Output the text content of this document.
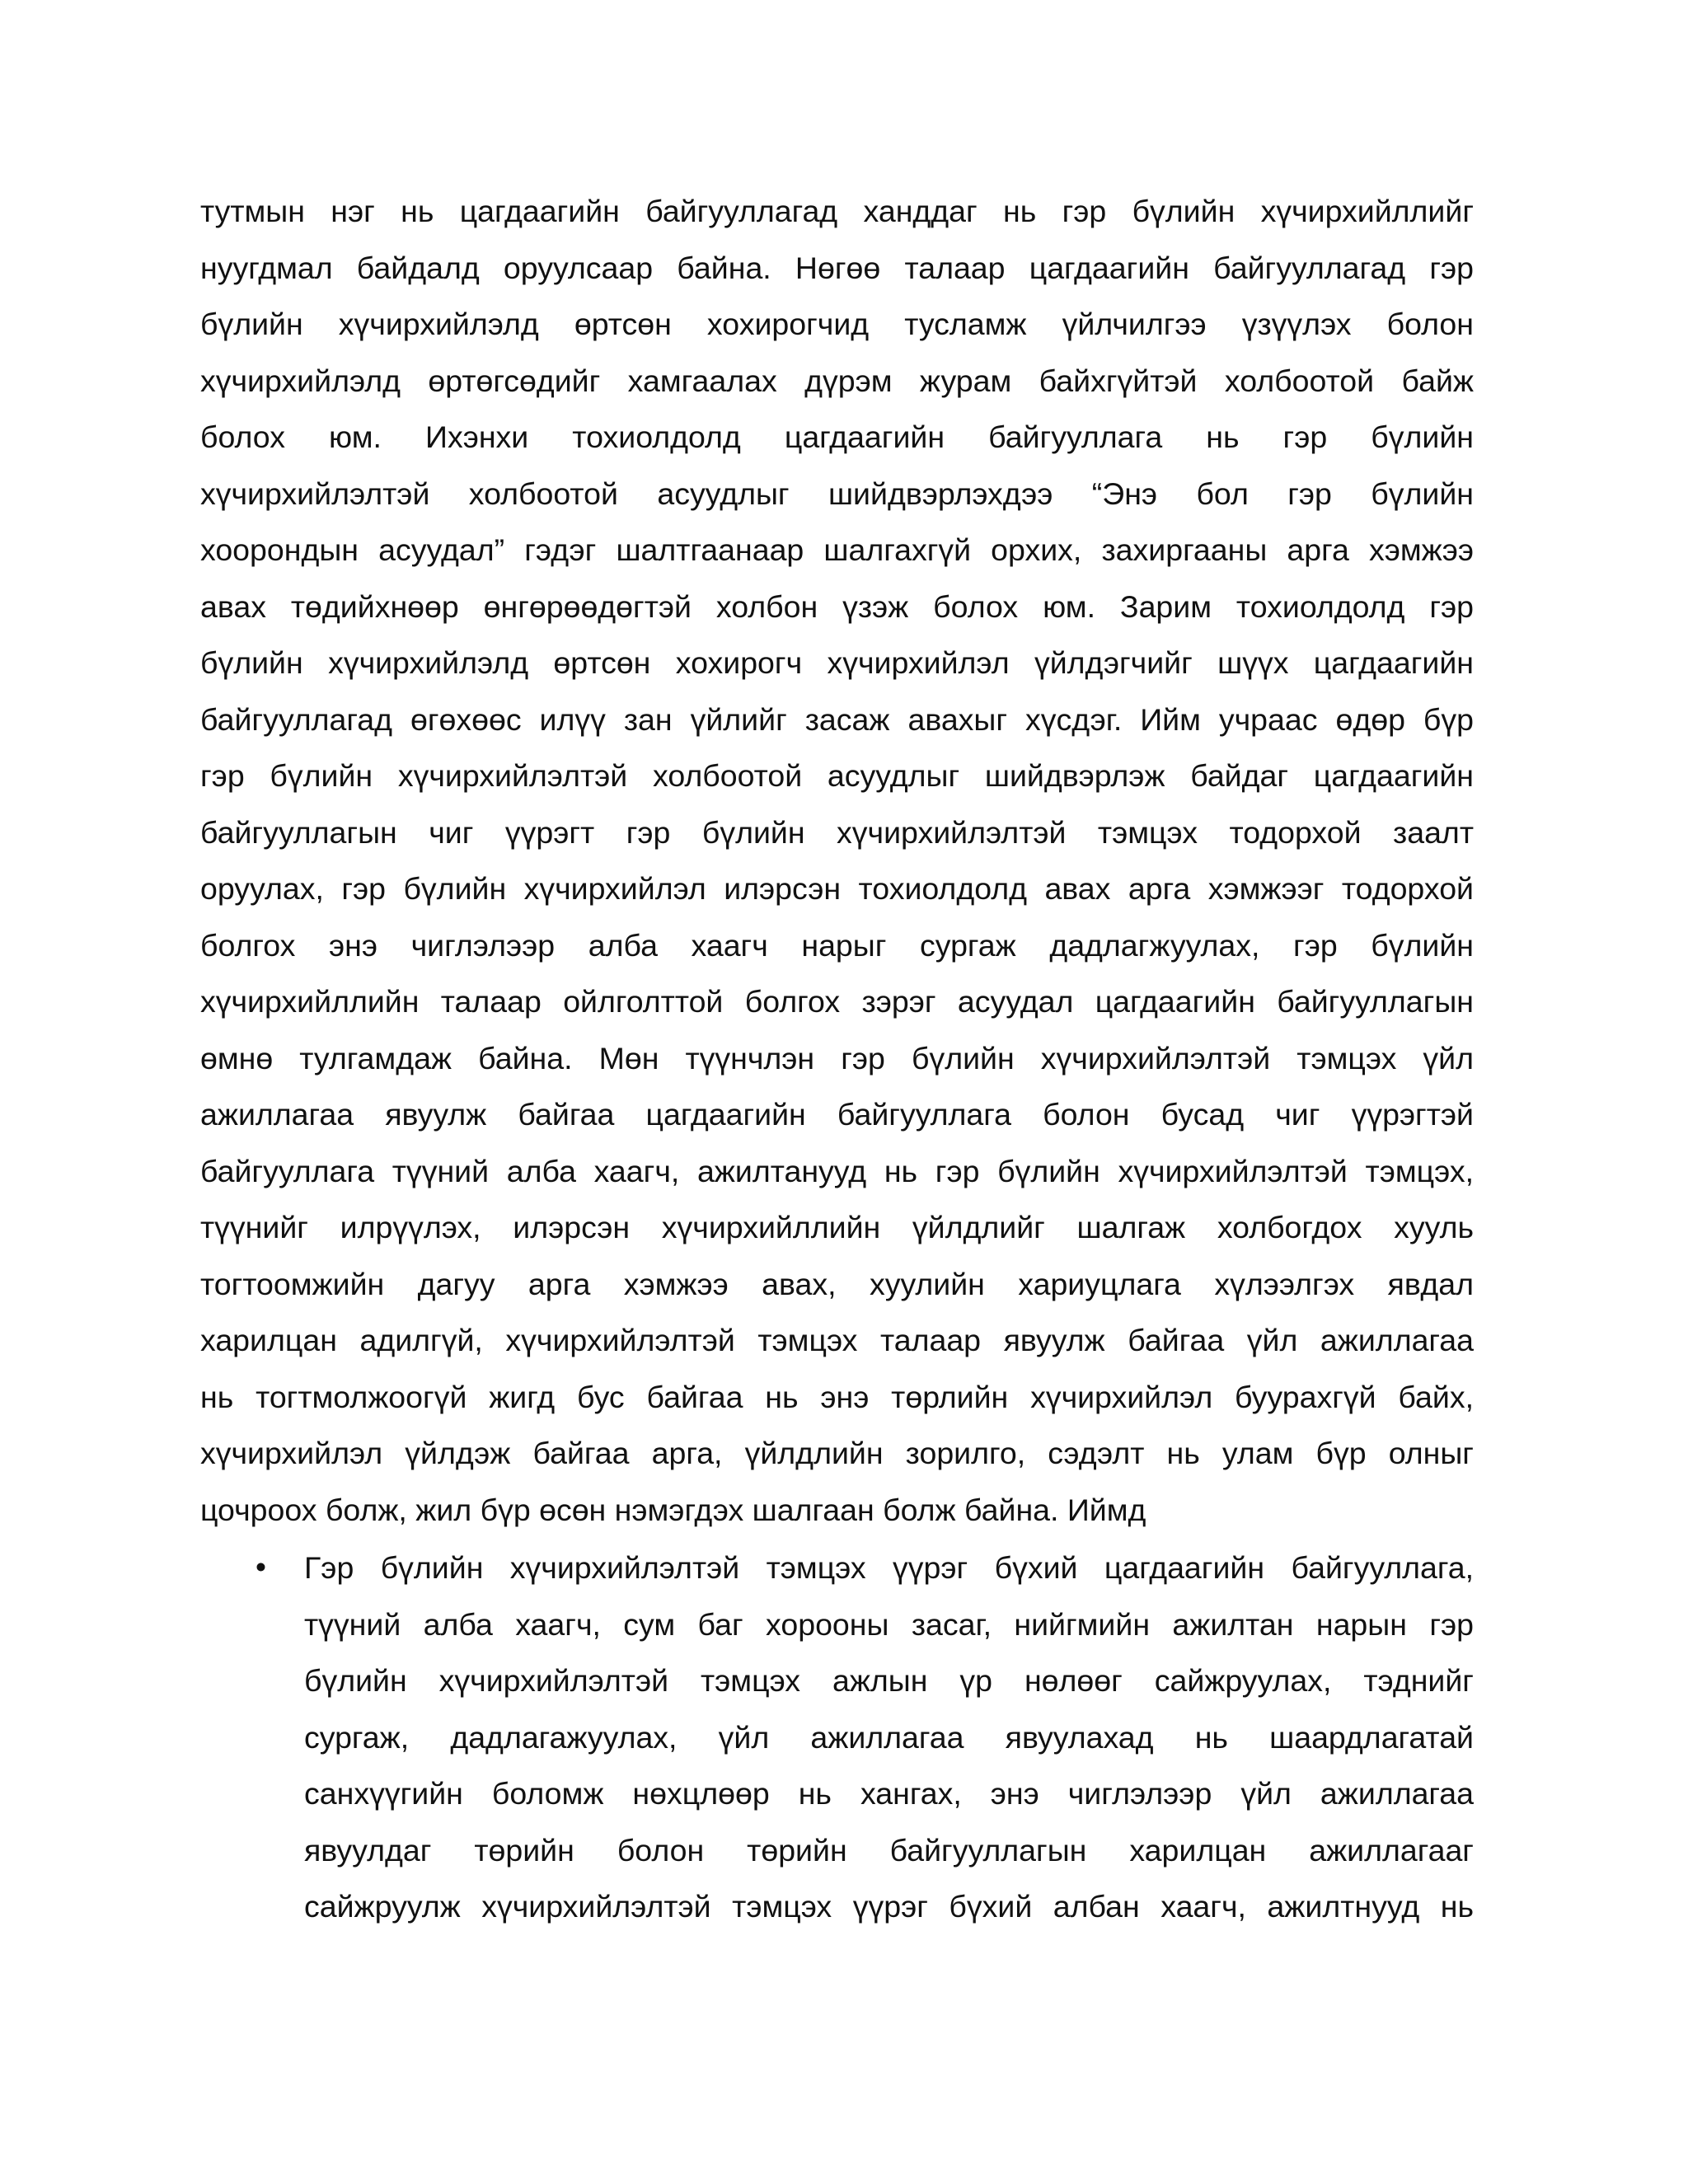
тутмын нэг нь цагдаагийн байгууллагад ханддаг нь гэр бүлийн хүчирхийллийг
нуугдмал байдалд оруулсаар байна. Нөгөө талаар цагдаагийн байгууллагад гэр
бүлийн хүчирхийлэлд өртсөн хохирогчид тусламж үйлчилгээ үзүүлэх болон
хүчирхийлэлд өртөгсөдийг хамгаалах дүрэм журам байхгүйтэй холбоотой байж
болох юм. Ихэнхи тохиолдолд цагдаагийн байгууллага нь гэр бүлийн
хүчирхийлэлтэй холбоотой асуудлыг шийдвэрлэхдээ “Энэ бол гэр бүлийн
хоорондын асуудал” гэдэг шалтгаанаар шалгахгүй орхих, захиргааны арга хэмжээ
авах төдийхнөөр өнгөрөөдөгтэй холбон үзэж болох юм. Зарим тохиолдолд гэр
бүлийн хүчирхийлэлд өртсөн хохирогч хүчирхийлэл үйлдэгчийг шүүх цагдаагийн
байгууллагад өгөхөөс илүү зан үйлийг засаж авахыг хүсдэг. Ийм учраас өдөр бүр
гэр бүлийн хүчирхийлэлтэй холбоотой асуудлыг шийдвэрлэж байдаг цагдаагийн
байгууллагын чиг үүрэгт гэр бүлийн хүчирхийлэлтэй тэмцэх тодорхой заалт
оруулах, гэр бүлийн хүчирхийлэл илэрсэн тохиолдолд авах арга хэмжээг тодорхой
болгох энэ чиглэлээр алба хаагч нарыг сургаж дадлагжуулах, гэр бүлийн
хүчирхийллийн талаар ойлголттой болгох зэрэг асуудал цагдаагийн байгууллагын
өмнө тулгамдаж байна. Мөн түүнчлэн гэр бүлийн хүчирхийлэлтэй тэмцэх үйл
ажиллагаа явуулж байгаа цагдаагийн байгууллага болон бусад чиг үүрэгтэй
байгууллага түүний алба хаагч, ажилтанууд нь гэр бүлийн хүчирхийлэлтэй тэмцэх,
түүнийг илрүүлэх, илэрсэн хүчирхийллийн үйлдлийг шалгаж холбогдох хууль
тогтоомжийн дагуу арга хэмжээ авах, хуулийн хариуцлага хүлээлгэх явдал
харилцан адилгүй, хүчирхийлэлтэй тэмцэх талаар явуулж байгаа үйл ажиллагаа
нь тогтмолжоогүй жигд бус байгаа нь энэ төрлийн хүчирхийлэл буурахгүй байх,
хүчирхийлэл үйлдэж байгаа арга, үйлдлийн зорилго, сэдэлт нь улам бүр олныг
цочроох болж, жил бүр өсөн нэмэгдэх шалгаан болж байна. Иймд
• Гэр бүлийн хүчирхийлэлтэй тэмцэх үүрэг бүхий цагдаагийн байгууллага,
түүний алба хаагч, сум баг хорооны засаг, нийгмийн ажилтан нарын гэр
бүлийн хүчирхийлэлтэй тэмцэх ажлын үр нөлөөг сайжруулах, тэднийг
сургаж, дадлагажуулах, үйл ажиллагаа явуулахад нь шаардлагатай
санхүүгийн боломж нөхцлөөр нь хангах, энэ чиглэлээр үйл ажиллагаа
явуулдаг төрийн болон төрийн байгууллагын харилцан ажиллагааг
сайжруулж хүчирхийлэлтэй тэмцэх үүрэг бүхий албан хаагч, ажилтнууд нь
